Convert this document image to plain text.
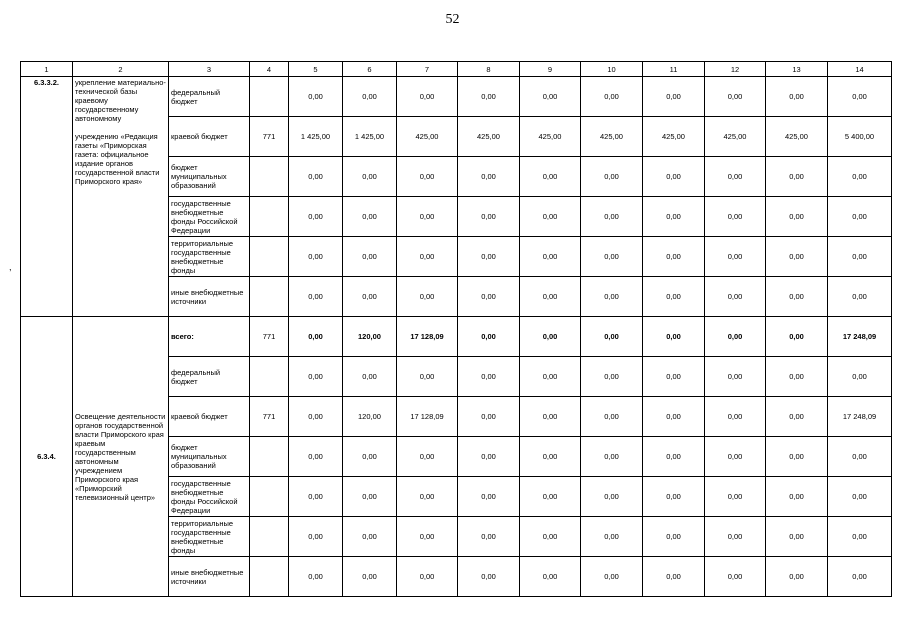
52
,
1	2	3	4	5	6	7	8	9	10	11	12	13	14
6.3.3.2.	укрепление материально-технической базы краевому государственному автономному

учреждению «Редакция газеты «Приморская газета: официальное издание органов государственной власти Приморского края»	федеральный бюджет		0,00	0,00	0,00	0,00	0,00	0,00	0,00	0,00	0,00	0,00
		краевой бюджет	771	1 425,00	1 425,00	425,00	425,00	425,00	425,00	425,00	425,00	425,00	5 400,00
		бюджет муниципальных образований		0,00	0,00	0,00	0,00	0,00	0,00	0,00	0,00	0,00	0,00
		государственные внебюджетные фонды Российской Федерации		0,00	0,00	0,00	0,00	0,00	0,00	0,00	0,00	0,00	0,00
		территориальные государственные внебюджетные фонды		0,00	0,00	0,00	0,00	0,00	0,00	0,00	0,00	0,00	0,00
		иные внебюджетные источники		0,00	0,00	0,00	0,00	0,00	0,00	0,00	0,00	0,00	0,00
6.3.4.	Освещение деятельности органов государственной власти Приморского края краевым государственным автономным учреждением Приморского края «Приморский телевизионный центр»	всего:	771	0,00	120,00	17 128,09	0,00	0,00	0,00	0,00	0,00	0,00	17 248,09
		федеральный бюджет		0,00	0,00	0,00	0,00	0,00	0,00	0,00	0,00	0,00	0,00
		краевой бюджет	771	0,00	120,00	17 128,09	0,00	0,00	0,00	0,00	0,00	0,00	17 248,09
		бюджет муниципальных образований		0,00	0,00	0,00	0,00	0,00	0,00	0,00	0,00	0,00	0,00
		государственные внебюджетные фонды Российской Федерации		0,00	0,00	0,00	0,00	0,00	0,00	0,00	0,00	0,00	0,00
		территориальные государственные внебюджетные фонды		0,00	0,00	0,00	0,00	0,00	0,00	0,00	0,00	0,00	0,00
		иные внебюджетные источники		0,00	0,00	0,00	0,00	0,00	0,00	0,00	0,00	0,00	0,00
